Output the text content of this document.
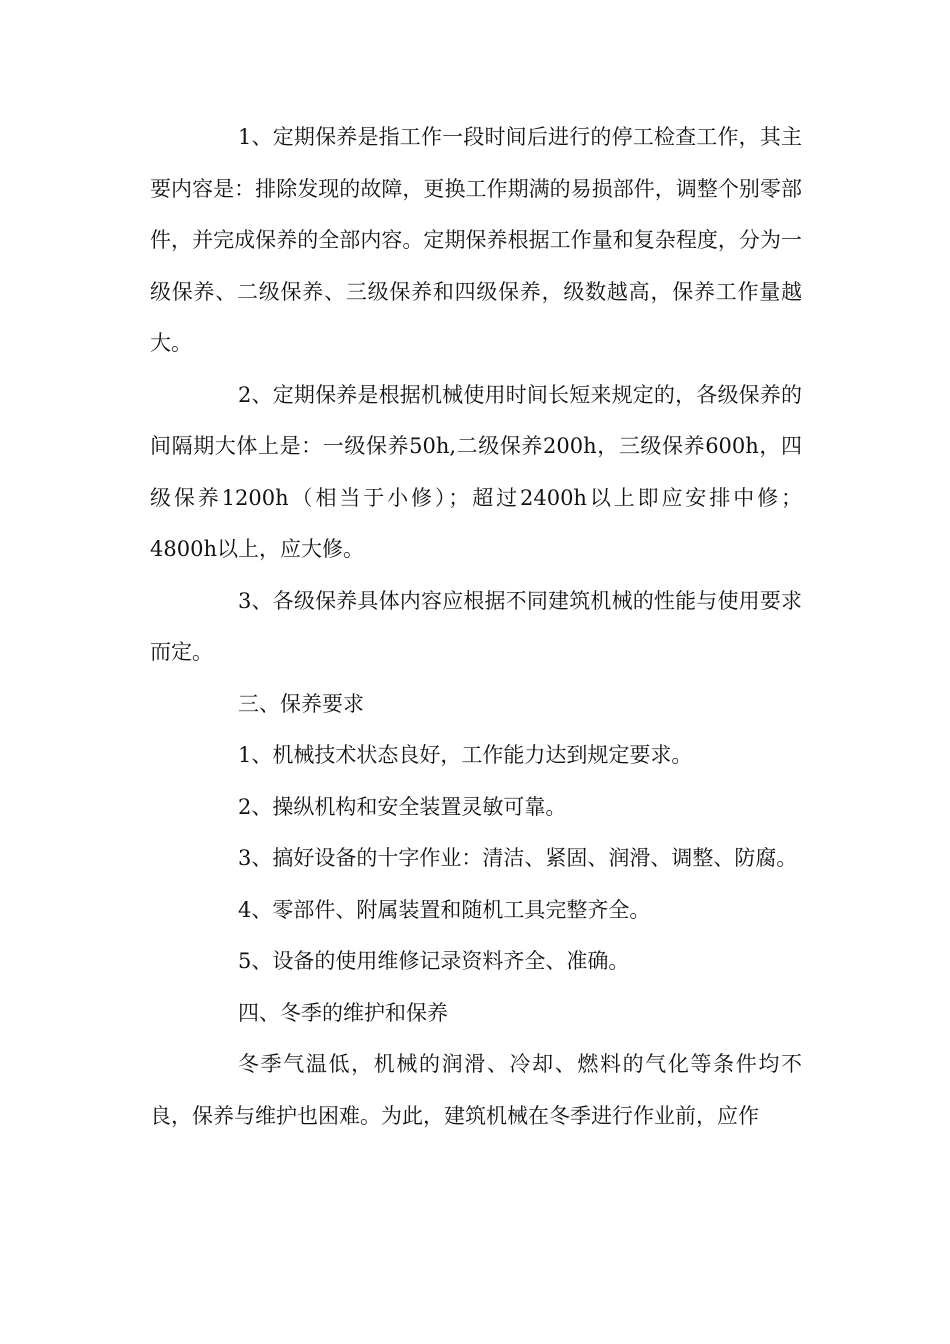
1、定期保养是指工作一段时间后进行的停工检查工作，其主要内容是：排除发现的故障，更换工作期满的易损部件，调整个别零部件，并完成保养的全部内容。定期保养根据工作量和复杂程度，分为一级保养、二级保养、三级保养和四级保养，级数越高，保养工作量越大。

2、定期保养是根据机械使用时间长短来规定的，各级保养的间隔期大体上是：一级保养50h,二级保养200h，三级保养600h，四级保养1200h（相当于小修）；超过2400h以上即应安排中修；4800h以上，应大修。

3、各级保养具体内容应根据不同建筑机械的性能与使用要求而定。

三、保养要求

1、机械技术状态良好，工作能力达到规定要求。

2、操纵机构和安全装置灵敏可靠。

3、搞好设备的十字作业：清洁、紧固、润滑、调整、防腐。

4、零部件、附属装置和随机工具完整齐全。

5、设备的使用维修记录资料齐全、准确。

四、冬季的维护和保养

冬季气温低，机械的润滑、冷却、燃料的气化等条件均不良，保养与维护也困难。为此，建筑机械在冬季进行作业前，应作
